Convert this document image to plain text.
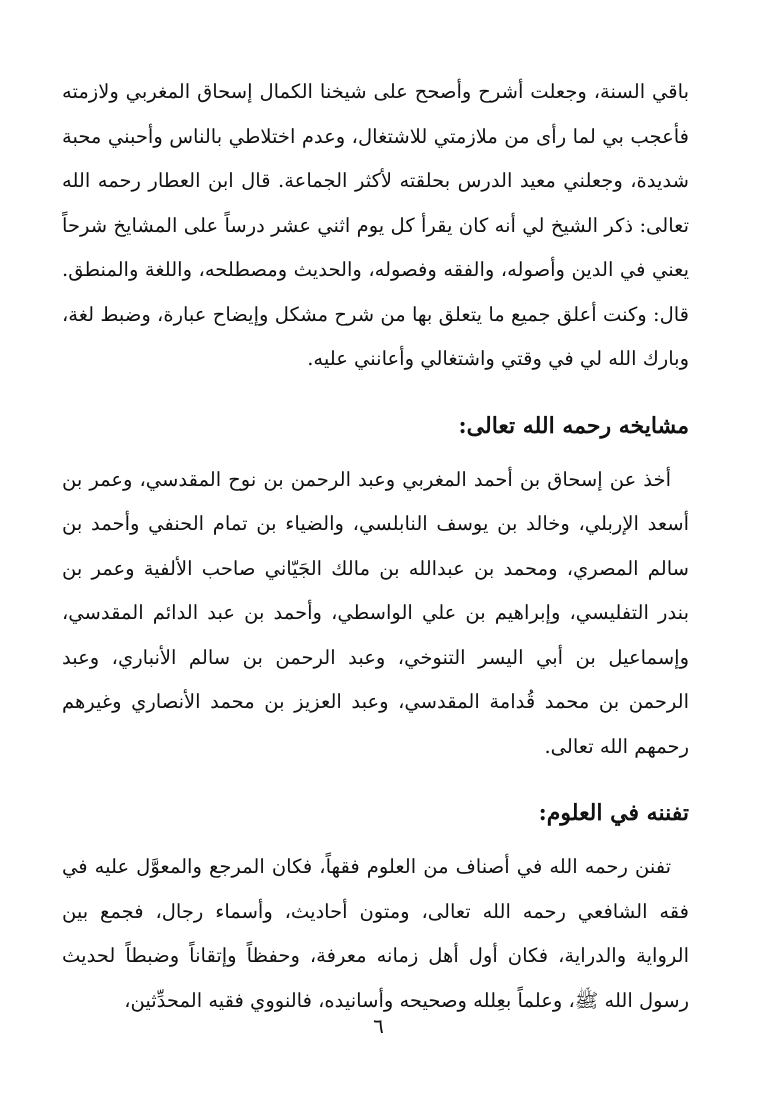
باقي السنة، وجعلت أشرح وأصحح على شيخنا الكمال إسحاق المغربي ولازمته فأعجب بي لما رأى من ملازمتي للاشتغال، وعدم اختلاطي بالناس وأحبني محبة شديدة، وجعلني معيد الدرس بحلقته لأكثر الجماعة. قال ابن العطار رحمه الله تعالى: ذكر الشيخ لي أنه كان يقرأ كل يوم اثني عشر درساً على المشايخ شرحاً يعني في الدين وأصوله، والفقه وفصوله، والحديث ومصطلحه، واللغة والمنطق. قال: وكنت أعلق جميع ما يتعلق بها من شرح مشكل وإيضاح عبارة، وضبط لغة، وبارك الله لي في وقتي واشتغالي وأعانني عليه.

مشايخه رحمه الله تعالى:

أخذ عن إسحاق بن أحمد المغربي وعبد الرحمن بن نوح المقدسي، وعمر بن أسعد الإربلي، وخالد بن يوسف النابلسي، والضياء بن تمام الحنفي وأحمد بن سالم المصري، ومحمد بن عبدالله بن مالك الجَيّاني صاحب الألفية وعمر بن بندر التفليسي، وإبراهيم بن علي الواسطي، وأحمد بن عبد الدائم المقدسي، وإسماعيل بن أبي اليسر التنوخي، وعبد الرحمن بن سالم الأنباري، وعبد الرحمن بن محمد قُدامة المقدسي، وعبد العزيز بن محمد الأنصاري وغيرهم رحمهم الله تعالى.

تفننه في العلوم:

تفنن رحمه الله في أصناف من العلوم فقهاً، فكان المرجع والمعوَّل عليه في فقه الشافعي رحمه الله تعالى، ومتون أحاديث، وأسماء رجال، فجمع بين الرواية والدراية، فكان أول أهل زمانه معرفة، وحفظاً وإتقاناً وضبطاً لحديث رسول الله ﷺ، وعلماً بعِلله وصحيحه وأسانيده، فالنووي فقيه المحدِّثين،

٦
